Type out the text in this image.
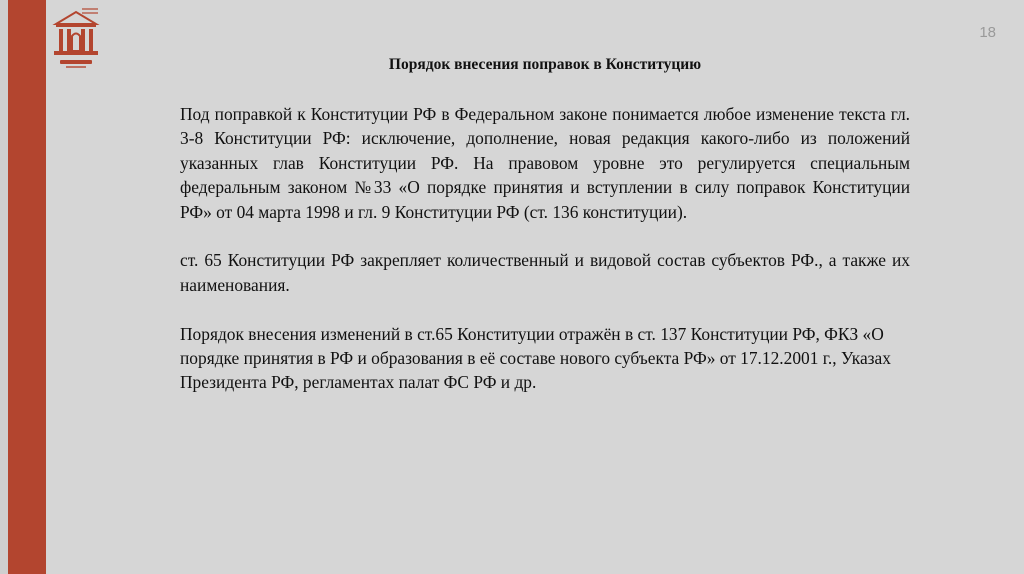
18
Порядок внесения поправок в Конституцию

Под поправкой к Конституции РФ в Федеральном законе понимается любое изменение текста гл. 3-8 Конституции РФ: исключение, дополнение, новая редакция какого-либо из положений указанных глав Конституции РФ. На правовом уровне это регулируется специальным федеральным законом №33 «О порядке принятия и вступлении в силу поправок Конституции РФ» от 04 марта 1998 и гл. 9 Конституции РФ (ст. 136 конституции).

ст. 65 Конституции РФ закрепляет количественный и видовой состав субъектов РФ., а также их наименования.

Порядок внесения изменений в ст.65 Конституции отражён в ст. 137 Конституции РФ, ФКЗ «О порядке принятия в РФ и образования в её составе нового субъекта РФ» от 17.12.2001 г., Указах Президента РФ, регламентах палат ФС РФ и др.
